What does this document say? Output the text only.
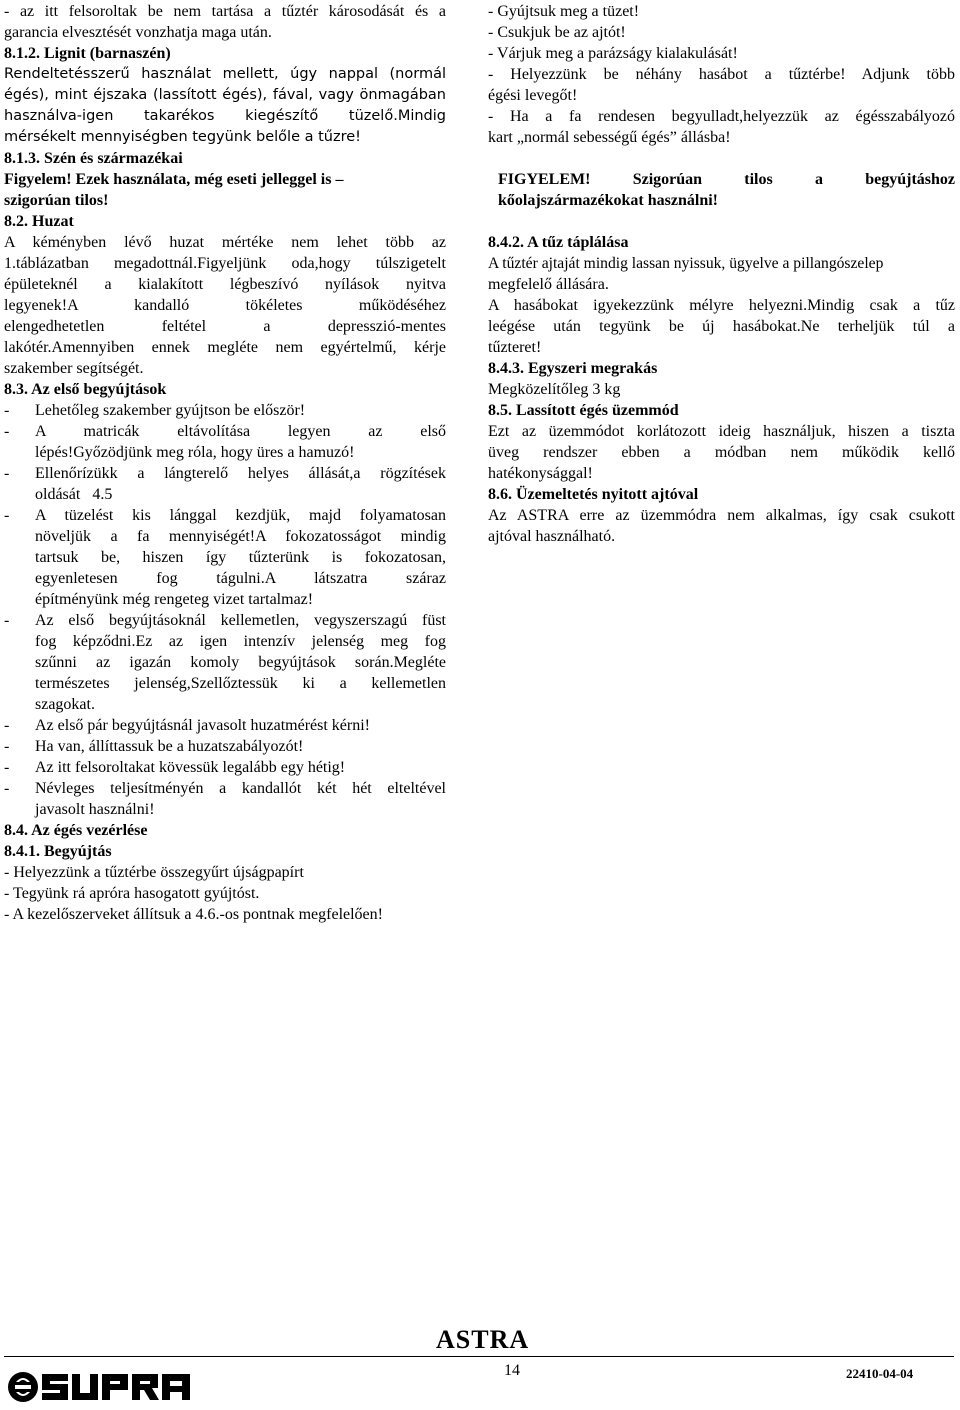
- az itt felsoroltak be nem tartása a tűztér károsodását és a

garancia elvesztését vonzhatja maga után.

8.1.2. Lignit (barnaszén)

Rendeltetésszerű használat mellett, úgy nappal (normál

égés), mint éjszaka (lassított égés), fával, vagy önmagában

használva-igen takarékos kiegészítő tüzelő.Mindig

mérsékelt mennyiségben tegyünk belőle a tűzre!

8.1.3. Szén és származékai

Figyelem! Ezek használata, még eseti jelleggel is –

szigorúan tilos!

8.2. Huzat

A kéményben lévő huzat mértéke nem lehet több az

1.táblázatban megadottnál.Figyeljünk oda,hogy túlszigetelt

épületeknél a kialakított légbeszívó nyílások nyitva

legyenek!A kandalló tökéletes működéséhez

elengedhetetlen feltétel a depresszió-mentes

lakótér.Amennyiben ennek megléte nem egyértelmű, kérje

szakember segítségét.

8.3. Az első begyújtások

-	Lehetőleg szakember gyújtson be először!
-	A matricák eltávolítása legyen az első

lépés!Győzödjünk meg róla, hogy üres a hamuzó!

-	Ellenőrízükk a lángterelő helyes állását,a rögzítések

oldását   4.5

-	A tüzelést kis lánggal kezdjük, majd folyamatosan

növeljük a fa mennyiségét!A fokozatosságot mindig

tartsuk be, hiszen így tűzterünk is fokozatosan,

egyenletesen fog tágulni.A látszatra száraz

építményünk még rengeteg vizet tartalmaz!

-	Az első begyújtásoknál kellemetlen, vegyszerszagú füst

fog képződni.Ez az igen intenzív jelenség meg fog

szűnni az igazán komoly begyújtások során.Megléte

természetes jelenség,Szellőztessük ki a kellemetlen

szagokat.

-	Az első pár begyújtásnál javasolt huzatmérést kérni!
-	Ha van, állíttassuk be a huzatszabályozót!
-	Az itt felsoroltakat kövessük legalább egy hétig!
-	Névleges teljesítményén a kandallót két hét elteltével

javasolt használni!

8.4. Az égés vezérlése

8.4.1. Begyújtás

- Helyezzünk a tűztérbe összegyűrt újságpapírt

- Tegyünk rá apróra hasogatott gyújtóst.

- A kezelőszerveket állítsuk a 4.6.-os pontnak megfelelően!

- Gyújtsuk meg a tüzet!

- Csukjuk be az ajtót!

- Várjuk meg a parázságy kialakulását!

- Helyezzünk be néhány hasábot a tűztérbe! Adjunk több

égési levegőt!

- Ha a fa rendesen begyulladt,helyezzük az égésszabályozó

kart „normál sebességű égés” állásba!

FIGYELEM! Szigorúan tilos a begyújtáshoz

kőolajszármazékokat használni!

8.4.2. A tűz táplálása

A tűztér ajtaját mindig lassan nyissuk, ügyelve a pillangószelep

megfelelő állására.

A hasábokat igyekezzünk mélyre helyezni.Mindig csak a tűz

leégése után tegyünk be új hasábokat.Ne terheljük túl a

tűzteret!

8.4.3. Egyszeri megrakás

Megközelítőleg 3 kg

8.5. Lassított égés üzemmód

Ezt az üzemmódot korlátozott ideig használjuk, hiszen a tiszta

üveg rendszer ebben a módban nem működik kellő

hatékonysággal!

8.6. Üzemeltetés nyitott ajtóval

Az ASTRA erre az üzemmódra nem alkalmas, így csak csukott

ajtóval használható.

ASTRA
14	22410-04-04
